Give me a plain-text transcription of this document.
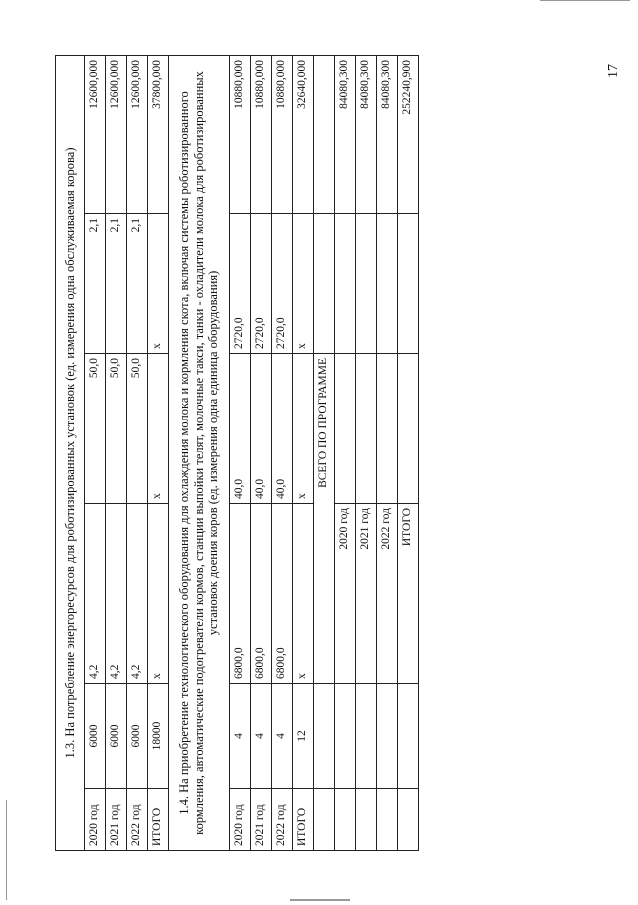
17
1.3. На потребление энергоресурсов для роботизированных установок (ед. измерения одна обслуживаемая корова)					
2020 год	6000	4,2	50,0	2,1	12600,000
2021 год	6000	4,2	50,0	2,1	12600,000
2022 год	6000	4,2	50,0	2,1	12600,000
ИТОГО	18000	x	x	x	37800,000
1.4. На приобретение технологического оборудования для охлаждения молока и кормления скота, включая системы роботизированного кормления, автоматические подогреватели кормов, станции выпойки телят, молочные такси, танки - охладители молока для роботизированных установок доения коров (ед. измерения одна единица оборудования)					
2020 год	4	6800,0	40,0	2720,0	10880,000
2021 год	4	6800,0	40,0	2720,0	10880,000
2022 год	4	6800,0	40,0	2720,0	10880,000
ИТОГО	12	x	x	x	32640,000
		ВСЕГО ПО ПРОГРАММЕ			
		2020 год			84080,300
		2021 год			84080,300
		2022 год			84080,300
		ИТОГО			252240,900
